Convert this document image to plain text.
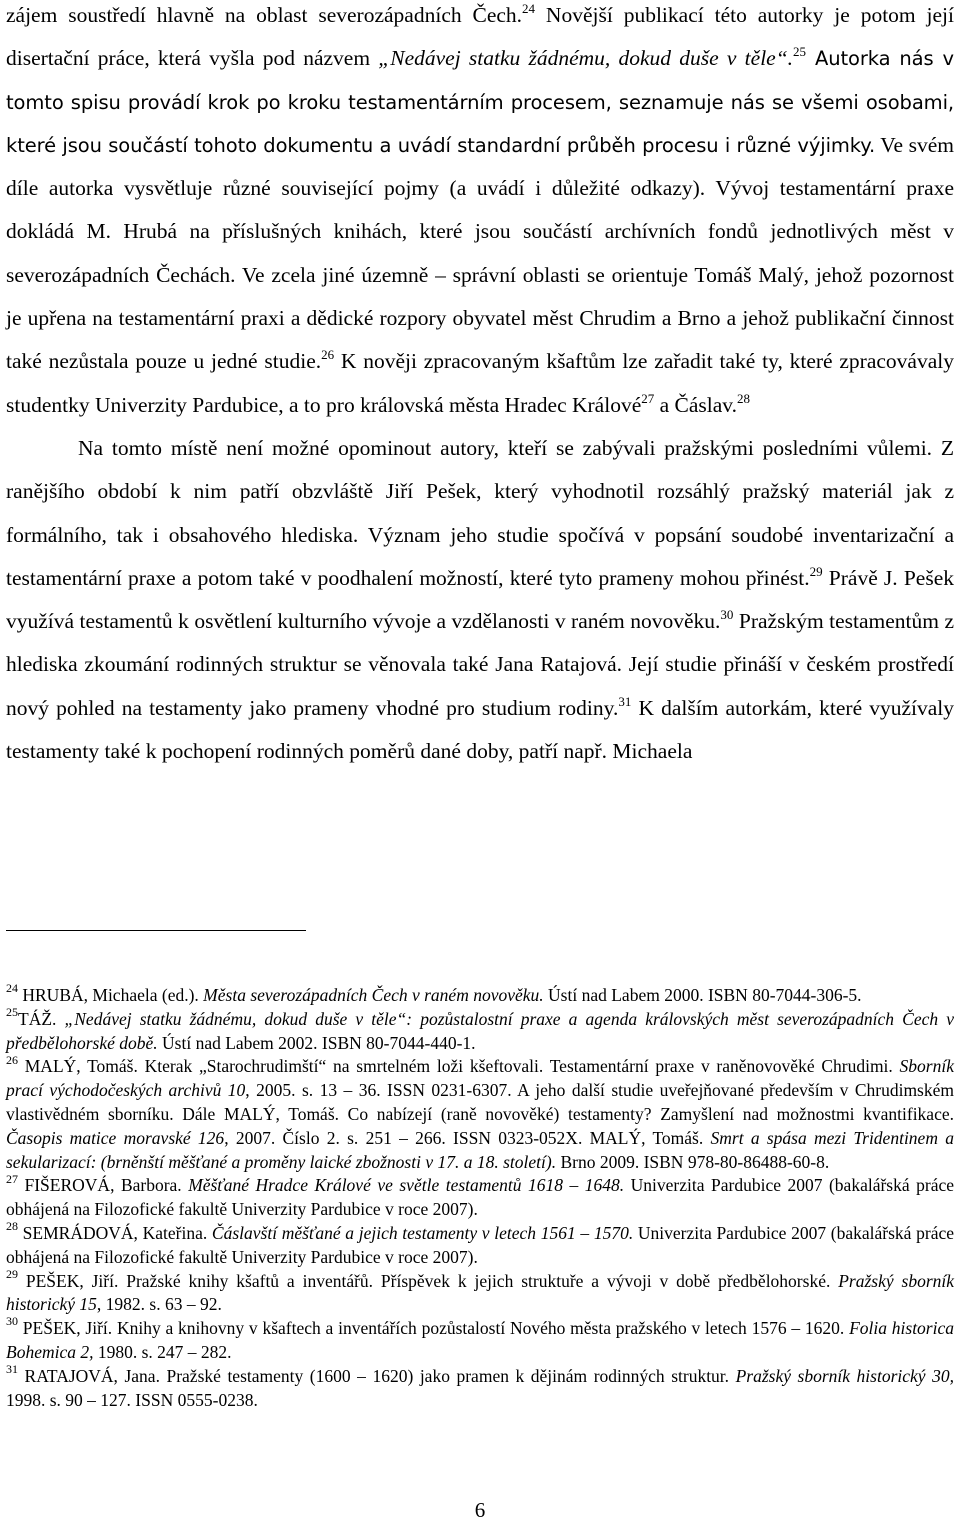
zájem soustředí hlavně na oblast severozápadních Čech.$^{24}$ Novější publikací této autorky je potom její disertační práce, která vyšla pod názvem „Nedávej statku žádnému, dokud duše v těle“.$^{25}$ Autorka nás v tomto spisu provádí krok po kroku testamentárním procesem, seznamuje nás se všemi osobami, které jsou součástí tohoto dokumentu a uvádí standardní průběh procesu i různé výjimky. Ve svém díle autorka vysvětluje různé související pojmy (a uvádí i důležité odkazy). Vývoj testamentární praxe dokládá M. Hrubá na příslušných knihách, které jsou součástí archívních fondů jednotlivých měst v severozápadních Čechách. Ve zcela jiné územně – správní oblasti se orientuje Tomáš Malý, jehož pozornost je upřena na testamentární praxi a dědické rozpory obyvatel měst Chrudim a Brno a jehož publikační činnost také nezůstala pouze u jedné studie.$^{26}$ K nověji zpracovaným kšaftům lze zařadit také ty, které zpracovávaly studentky Univerzity Pardubice, a to pro královská města Hradec Králové$^{27}$ a Čáslav.$^{28}$

Na tomto místě není možné opominout autory, kteří se zabývali pražskými posledními vůlemi. Z ranějšího období k nim patří obzvláště Jiří Pešek, který vyhodnotil rozsáhlý pražský materiál jak z formálního, tak i obsahového hlediska. Význam jeho studie spočívá v popsání soudobé inventarizační a testamentární praxe a potom také v poodhalení možností, které tyto prameny mohou přinést.$^{29}$ Právě J. Pešek využívá testamentů k osvětlení kulturního vývoje a vzdělanosti v raném novověku.$^{30}$ Pražským testamentům z hlediska zkoumání rodinných struktur se věnovala také Jana Ratajová. Její studie přináší v českém prostředí nový pohled na testamenty jako prameny vhodné pro studium rodiny.$^{31}$ K dalším autorkám, které využívaly testamenty také k pochopení rodinných poměrů dané doby, patří např. Michaela

$^{24}$ HRUBÁ, Michaela (ed.). Města severozápadních Čech v raném novověku. Ústí nad Labem 2000. ISBN 80-7044-306-5.

$^{25}$TÁŽ. „Nedávej statku žádnému, dokud duše v těle“: pozůstalostní praxe a agenda královských měst severozápadních Čech v předbělohorské době. Ústí nad Labem 2002. ISBN 80-7044-440-1.

$^{26}$ MALÝ, Tomáš. Kterak „Starochrudimští“ na smrtelném loži kšeftovali. Testamentární praxe v raněnovověké Chrudimi. Sborník prací východočeských archivů 10, 2005. s. 13 – 36. ISSN 0231-6307. A jeho další studie uveřejňované především v Chrudimském vlastivědném sborníku. Dále MALÝ, Tomáš. Co nabízejí (raně novověké) testamenty? Zamyšlení nad možnostmi kvantifikace. Časopis matice moravské 126, 2007. Číslo 2. s. 251 – 266. ISSN 0323-052X. MALÝ, Tomáš. Smrt a spása mezi Tridentinem a sekularizací: (brněnští měšťané a proměny laické zbožnosti v 17. a 18. století). Brno 2009. ISBN 978-80-86488-60-8.

$^{27}$ FIŠEROVÁ, Barbora. Měšťané Hradce Králové ve světle testamentů 1618 – 1648. Univerzita Pardubice 2007 (bakalářská práce obhájená na Filozofické fakultě Univerzity Pardubice v roce 2007).

$^{28}$ SEMRÁDOVÁ, Kateřina. Čáslavští měšťané a jejich testamenty v letech 1561 – 1570. Univerzita Pardubice 2007 (bakalářská práce obhájená na Filozofické fakultě Univerzity Pardubice v roce 2007).

$^{29}$ PEŠEK, Jiří. Pražské knihy kšaftů a inventářů. Příspěvek k jejich struktuře a vývoji v době předbělohorské. Pražský sborník historický 15, 1982. s. 63 – 92.

$^{30}$ PEŠEK, Jiří. Knihy a knihovny v kšaftech a inventářích pozůstalostí Nového města pražského v letech 1576 – 1620. Folia historica Bohemica 2, 1980. s. 247 – 282.

$^{31}$ RATAJOVÁ, Jana. Pražské testamenty (1600 – 1620) jako pramen k dějinám rodinných struktur. Pražský sborník historický 30, 1998. s. 90 – 127. ISSN 0555-0238.

6
